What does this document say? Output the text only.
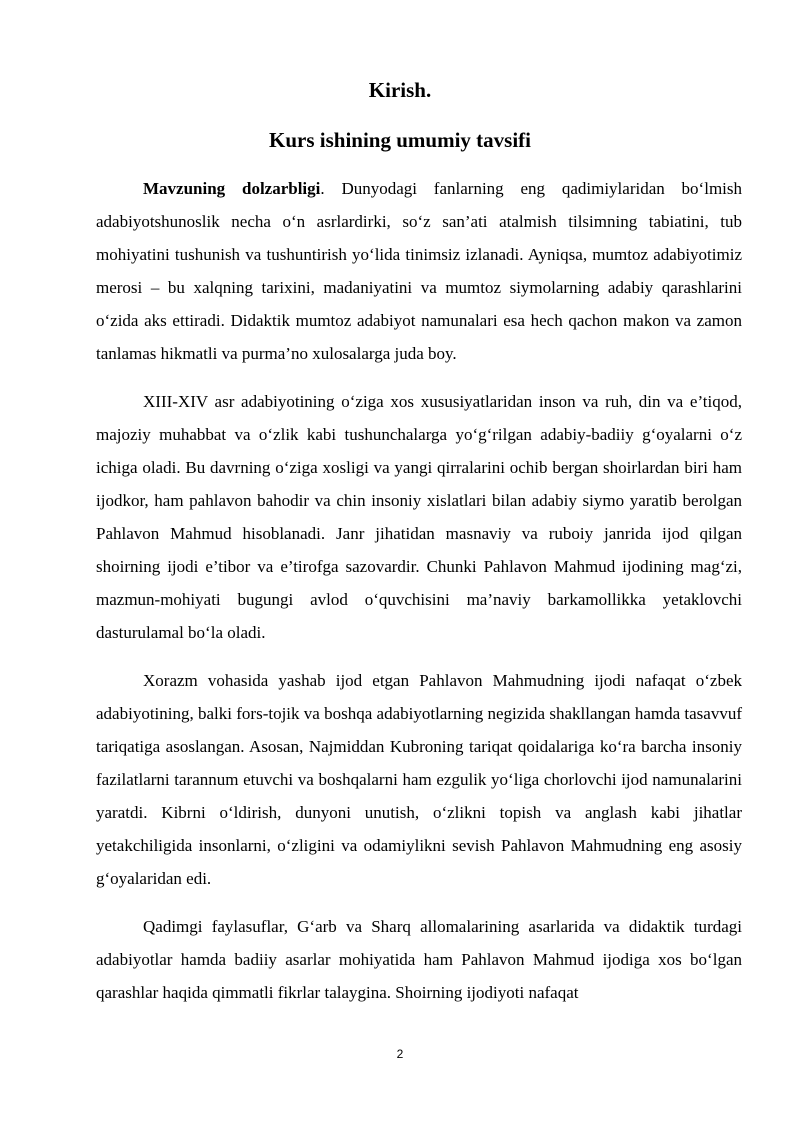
Kirish.
Kurs ishining umumiy tavsifi

Mavzuning dolzarbligi. Dunyodagi fanlarning eng qadimiylaridan bo‘lmish adabiyotshunoslik necha o‘n asrlardirki, so‘z san’ati atalmish tilsimning tabiatini, tub mohiyatini tushunish va tushuntirish yo‘lida tinimsiz izlanadi. Ayniqsa, mumtoz adabiyotimiz merosi – bu xalqning tarixini, madaniyatini va mumtoz siymolarning adabiy qarashlarini o‘zida aks ettiradi. Didaktik mumtoz adabiyot namunalari esa hech qachon makon va zamon tanlamas hikmatli va purma’no xulosalarga juda boy.

XIII-XIV asr adabiyotining o‘ziga xos xususiyatlaridan inson va ruh, din va e’tiqod, majoziy muhabbat va o‘zlik kabi tushunchalarga yo‘g‘rilgan adabiy-badiiy g‘oyalarni o‘z ichiga oladi. Bu davrning o‘ziga xosligi va yangi qirralarini ochib bergan shoirlardan biri ham ijodkor, ham pahlavon bahodir va chin insoniy xislatlari bilan adabiy siymo yaratib berolgan Pahlavon Mahmud hisoblanadi. Janr jihatidan masnaviy va ruboiy janrida ijod qilgan shoirning ijodi e’tibor va e’tirofga sazovardir. Chunki Pahlavon Mahmud ijodining mag‘zi, mazmun-mohiyati bugungi avlod o‘quvchisini ma’naviy barkamollikka yetaklovchi dasturulamal bo‘la oladi.

Xorazm vohasida yashab ijod etgan Pahlavon Mahmudning ijodi nafaqat o‘zbek adabiyotining, balki fors-tojik va boshqa adabiyotlarning negizida shakllangan hamda tasavvuf tariqatiga asoslangan. Asosan, Najmiddan Kubroning tariqat qoidalariga ko‘ra barcha insoniy fazilatlarni tarannum etuvchi va boshqalarni ham ezgulik yo‘liga chorlovchi ijod namunalarini yaratdi. Kibrni o‘ldirish, dunyoni unutish, o‘zlikni topish va anglash kabi jihatlar yetakchiligida insonlarni, o‘zligini va odamiylikni sevish Pahlavon Mahmudning eng asosiy g‘oyalaridan edi.

Qadimgi faylasuflar, G‘arb va Sharq allomalarining asarlarida va didaktik turdagi adabiyotlar hamda badiiy asarlar mohiyatida ham Pahlavon Mahmud ijodiga xos bo‘lgan qarashlar haqida qimmatli fikrlar talaygina. Shoirning ijodiyoti nafaqat

2
